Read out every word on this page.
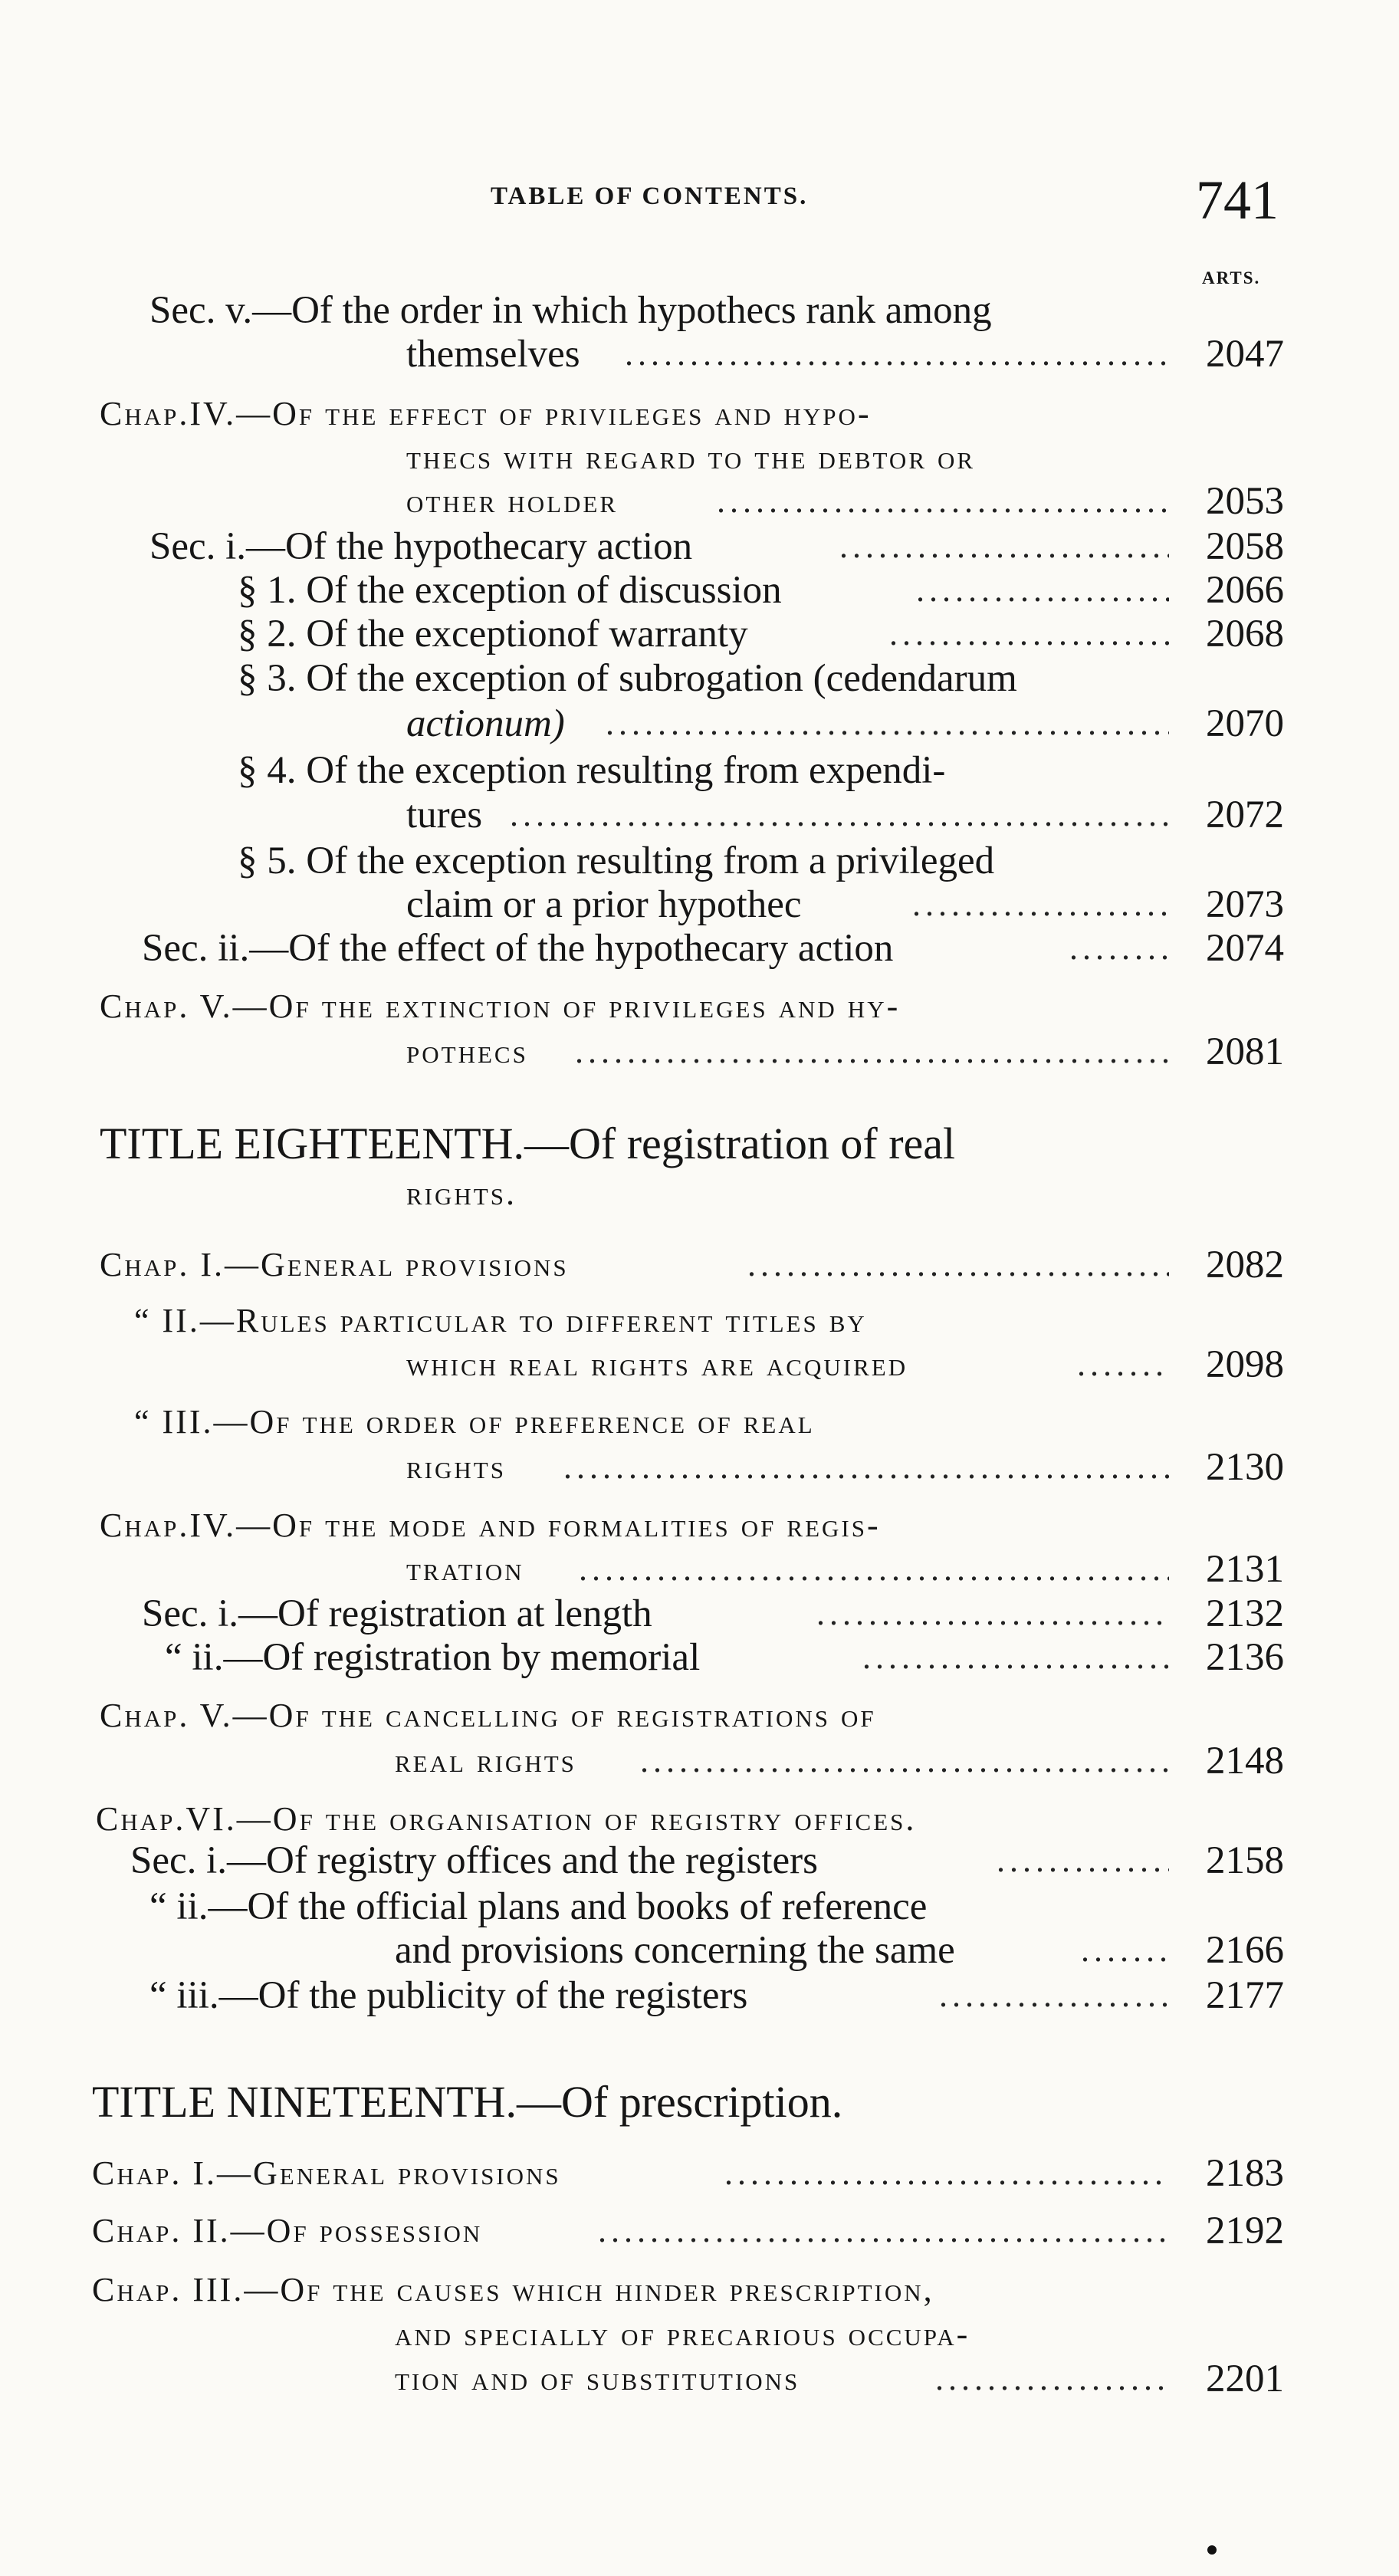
TABLE OF CONTENTS.	741
ARTS.
Sec. v.—Of the order in which hypothecs rank among
themselves .....	2047
Chap.IV.—Of the effect of privileges and hypo-
thecs with regard to the debtor or
other holder .....	2053
Sec. i.—Of the hypothecary action .....	2058
§ 1. Of the exception of discussion .....	2066
§ 2. Of the exceptionof warranty .....	2068
§ 3. Of the exception of subrogation (cedendarum
actionum) .....	2070
§ 4. Of the exception resulting from expendi-
tures .....	2072
§ 5. Of the exception resulting from a privileged
claim or a prior hypothec .....	2073
Sec. ii.—Of the effect of the hypothecary action .....	2074
Chap. V.—Of the extinction of privileges and hy-
pothecs .....	2081
TITLE EIGHTEENTH.—Of registration of real
rights.
Chap. I.—General provisions .....	2082
“ II.—Rules particular to different titles by
which real rights are acquired .....	2098
“ III.—Of the order of preference of real
rights .....	2130
Chap.IV.—Of the mode and formalities of regis-
tration .....	2131
Sec. i.—Of registration at length .....	2132
“ ii.—Of registration by memorial .....	2136
Chap. V.—Of the cancelling of registrations of
real rights .....	2148
Chap.VI.—Of the organisation of registry offices.
Sec. i.—Of registry offices and the registers .....	2158
“ ii.—Of the official plans and books of reference
and provisions concerning the same .....	2166
“ iii.—Of the publicity of the registers .....	2177
TITLE NINETEENTH.—Of prescription.
Chap. I.—General provisions .....	2183
Chap. II.—Of possession .....	2192
Chap. III.—Of the causes which hinder prescription,
and specially of precarious occupa-
tion and of substitutions .....	2201
